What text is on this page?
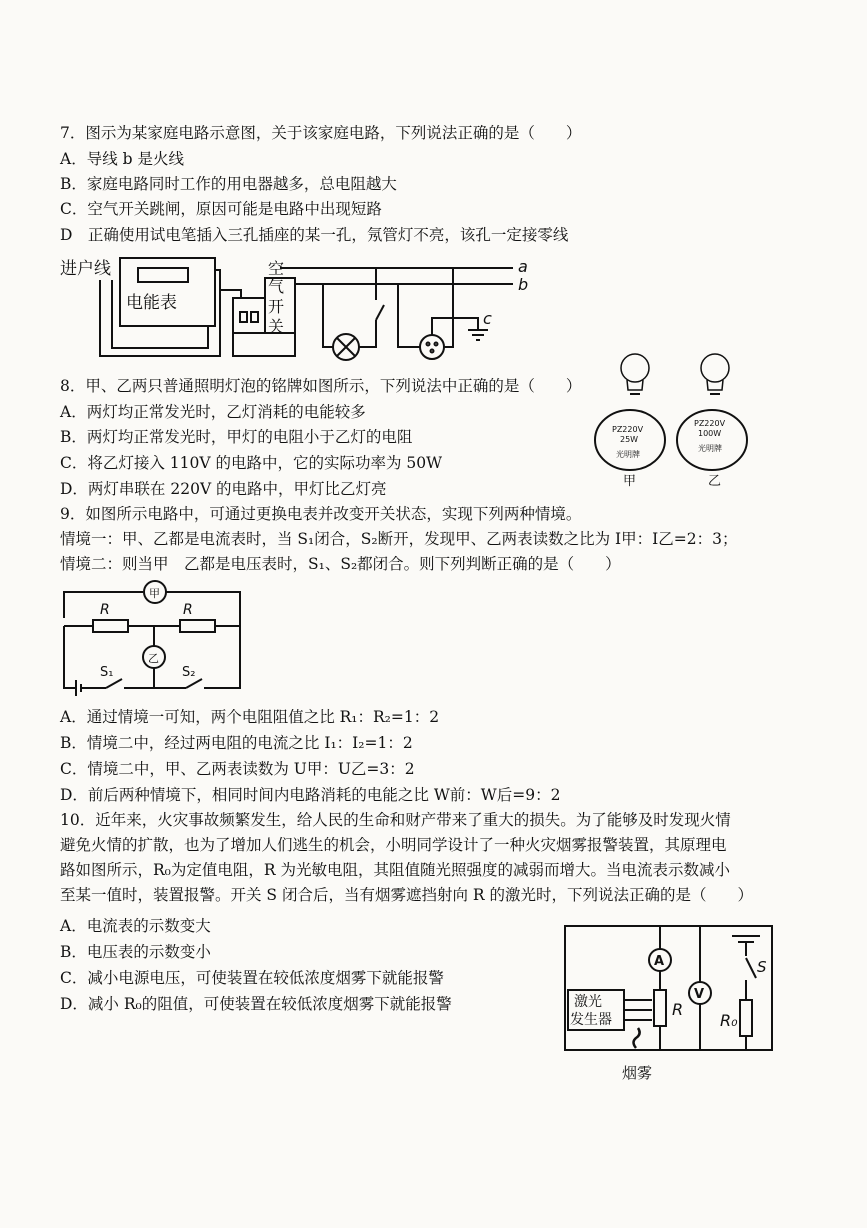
7．图示为某家庭电路示意图，关于该家庭电路，下列说法正确的是（　　）
A．导线 b 是火线
B．家庭电路同时工作的用电器越多，总电阻越大
C．空气开关跳闸，原因可能是电路中出现短路
D　正确使用试电笔插入三孔插座的某一孔，氖管灯不亮，该孔一定接零线
进户线
电能表
空
气
开
关
a
b
c
8．甲、乙两只普通照明灯泡的铭牌如图所示，下列说法中正确的是（　　）
A．两灯均正常发光时，乙灯消耗的电能较多
B．两灯均正常发光时，甲灯的电阻小于乙灯的电阻
C．将乙灯接入 110V 的电路中，它的实际功率为 50W
D．两灯串联在 220V 的电路中，甲灯比乙灯亮
PZ220V
25W
光明牌
PZ220V
100W
光明牌
甲	乙
9．如图所示电路中，可通过更换电表并改变开关状态，实现下列两种情境。
情境一：甲、乙都是电流表时，当 S₁闭合，S₂断开，发现甲、乙两表读数之比为 I甲：I乙=2：3；
情境二：则当甲　乙都是电压表时，S₁、S₂都闭合。则下列判断正确的是（　　）
甲
R	R
乙
S₁	S₂
A．通过情境一可知，两个电阻阻值之比 R₁：R₂=1：2
B．情境二中，经过两电阻的电流之比 I₁：I₂=1：2
C．情境二中，甲、乙两表读数为 U甲：U乙=3：2
D．前后两种情境下，相同时间内电路消耗的电能之比 W前：W后=9：2
10．近年来，火灾事故频繁发生，给人民的生命和财产带来了重大的损失。为了能够及时发现火情
避免火情的扩散，也为了增加人们逃生的机会，小明同学设计了一种火灾烟雾报警装置，其原理电
路如图所示，R₀为定值电阻，R 为光敏电阻，其阻值随光照强度的减弱而增大。当电流表示数减小
至某一值时，装置报警。开关 S 闭合后，当有烟雾遮挡射向 R 的激光时，下列说法正确的是（　　）
A．电流表的示数变大
B．电压表的示数变小
C．减小电源电压，可使装置在较低浓度烟雾下就能报警
D．减小 R₀的阻值，可使装置在较低浓度烟雾下就能报警
A
R
V
S
R₀
激光
发生器
烟雾
